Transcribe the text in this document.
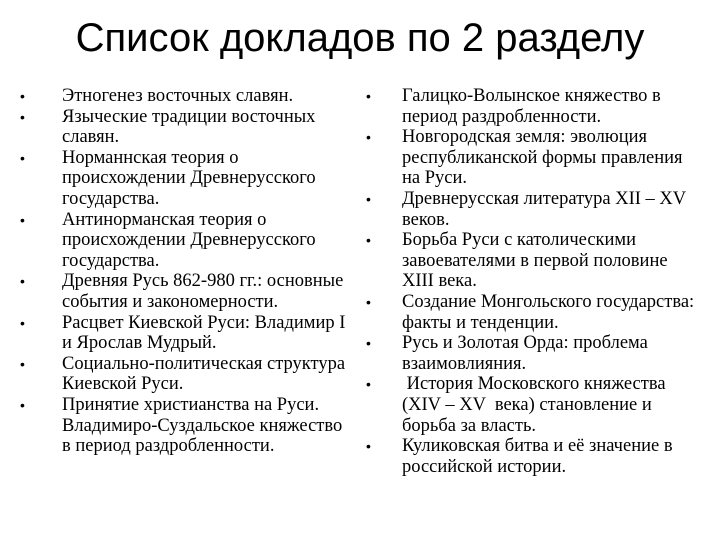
Список докладов по 2 разделу
• Этногенез восточных славян.
• Языческие традиции восточных славян.
• Норманнская теория о происхождении Древнерусского государства.
• Антинорманская теория о происхождении Древнерусского государства.
• Древняя Русь 862-980 гг.: основные события и закономерности.
• Расцвет Киевской Руси: Владимир I и Ярослав Мудрый.
• Социально-политическая структура Киевской Руси.
• Принятие христианства на Руси. Владимиро-Суздальское княжество в период раздробленности.
• Галицко-Волынское княжество в период раздробленности.
• Новгородская земля: эволюция республиканской формы правления на Руси.
• Древнерусская литература XII – XV веков.
• Борьба Руси с католическими завоевателями в первой половине XIII века.
• Создание Монгольского государства: факты и тенденции.
• Русь и Золотая Орда: проблема взаимовлияния.
• История Московского княжества (XIV – XV  века) становление и борьба за власть.
• Куликовская битва и её значение в российской истории.
